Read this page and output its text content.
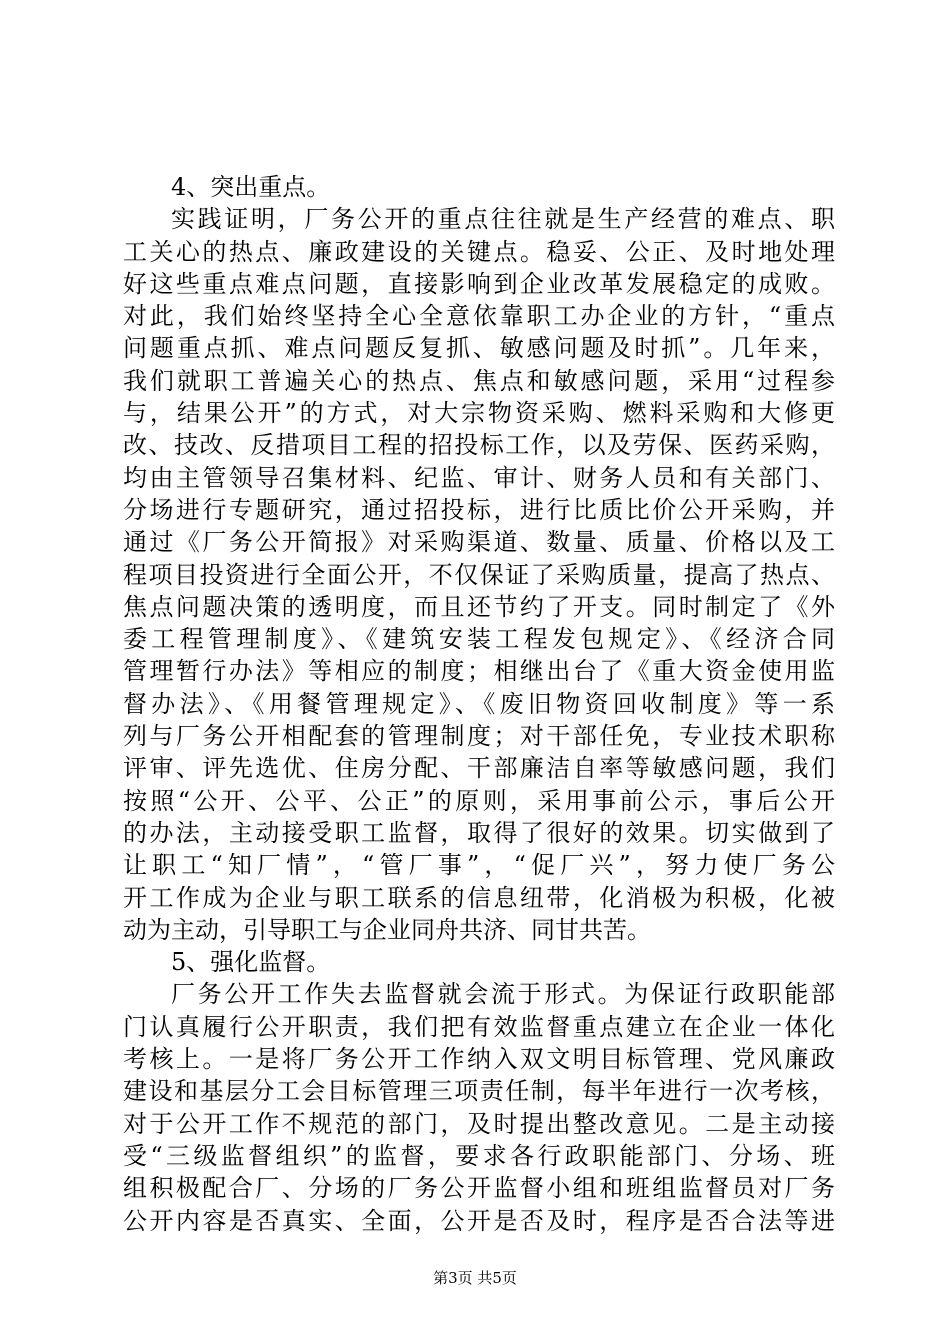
4、突出重点。
实践证明，厂务公开的重点往往就是生产经营的难点、职
工关心的热点、廉政建设的关键点。稳妥、公正、及时地处理
好这些重点难点问题，直接影响到企业改革发展稳定的成败。
对此，我们始终坚持全心全意依靠职工办企业的方针，“重点
问题重点抓、难点问题反复抓、敏感问题及时抓”。几年来，
我们就职工普遍关心的热点、焦点和敏感问题，采用“过程参
与，结果公开”的方式，对大宗物资采购、燃料采购和大修更
改、技改、反措项目工程的招投标工作，以及劳保、医药采购，
均由主管领导召集材料、纪监、审计、财务人员和有关部门、
分场进行专题研究，通过招投标，进行比质比价公开采购，并
通过《厂务公开简报》对采购渠道、数量、质量、价格以及工
程项目投资进行全面公开，不仅保证了采购质量，提高了热点、
焦点问题决策的透明度，而且还节约了开支。同时制定了《外
委工程管理制度》、《建筑安装工程发包规定》、《经济合同
管理暂行办法》等相应的制度；相继出台了《重大资金使用监
督办法》、《用餐管理规定》、《废旧物资回收制度》等一系
列与厂务公开相配套的管理制度；对干部任免，专业技术职称
评审、评先选优、住房分配、干部廉洁自率等敏感问题，我们
按照“公开、公平、公正”的原则，采用事前公示，事后公开
的办法，主动接受职工监督，取得了很好的效果。切实做到了
让职工“知厂情”，“管厂事”，“促厂兴”，努力使厂务公
开工作成为企业与职工联系的信息纽带，化消极为积极，化被
动为主动，引导职工与企业同舟共济、同甘共苦。
5、强化监督。
厂务公开工作失去监督就会流于形式。为保证行政职能部
门认真履行公开职责，我们把有效监督重点建立在企业一体化
考核上。一是将厂务公开工作纳入双文明目标管理、党风廉政
建设和基层分工会目标管理三项责任制，每半年进行一次考核，
对于公开工作不规范的部门，及时提出整改意见。二是主动接
受“三级监督组织”的监督，要求各行政职能部门、分场、班
组积极配合厂、分场的厂务公开监督小组和班组监督员对厂务
公开内容是否真实、全面，公开是否及时，程序是否合法等进
第3页 共5页
